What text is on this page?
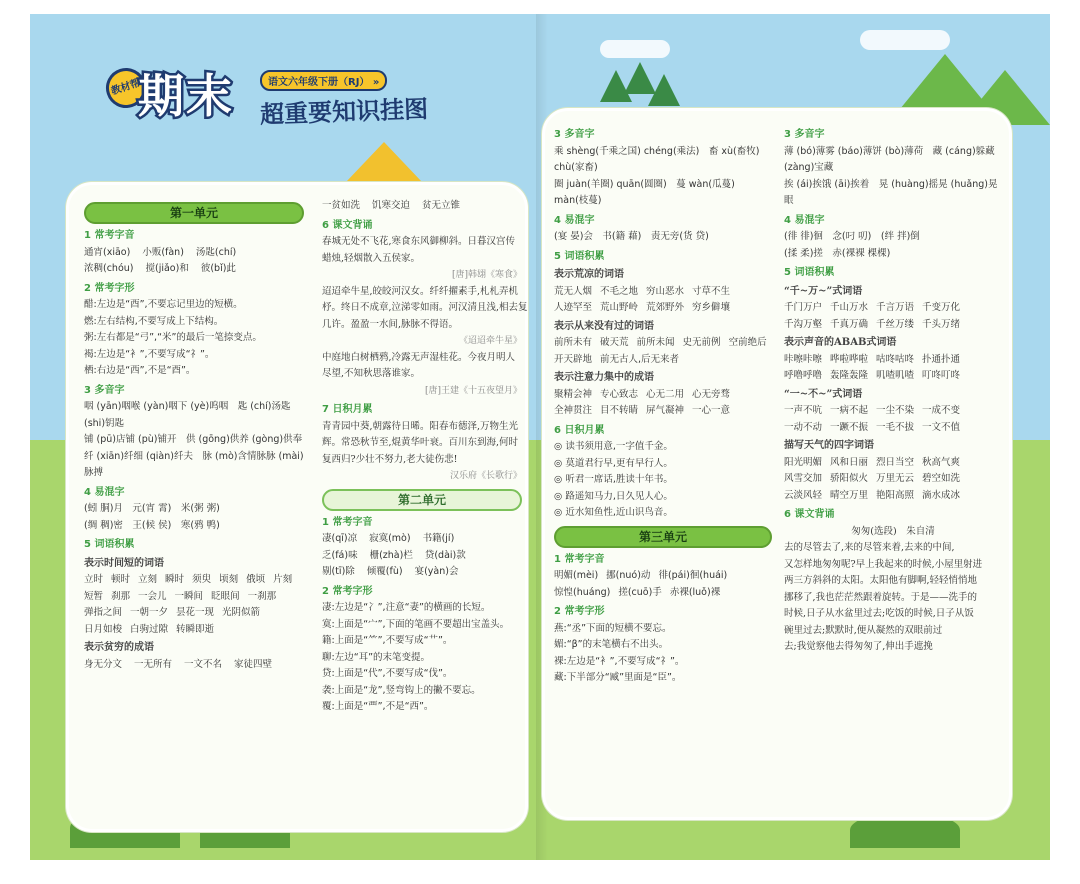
教材帮
期末	语文六年级下册（RJ） »
超重要知识挂图
第一单元
1 常考字音
通宵(xiāo) 小贩(fàn) 汤匙(chí)
浓稠(chóu) 搅(jiǎo)和 彼(bǐ)此
2 常考字形
醋:左边是“酉”,不要忘记里边的短横。
燃:左右结构,不要写成上下结构。
粥:左右都是“弓”,“米”的最后一笔捺变点。
褐:左边是“衤”,不要写成“礻”。
栖:右边是“西”,不是“酉”。
3 多音字
咽 (yān)咽喉 (yàn)咽下 (yè)呜咽　匙 (chí)汤匙 (shi)钥匙
铺 (pū)店铺 (pù)铺开　供 (gōng)供养 (gòng)供奉
纤 (xiān)纤细 (qiàn)纤夫　脉 (mò)含情脉脉 (mài)脉搏
4 易混字
(蚓 胴)月　元(宵 霄)　米(粥 粥)
(绸 稠)密　王(候 侯)　寒(鸦 鸭)
5 词语积累
表示时间短的词语
立时 顿时 立刻 瞬时 须臾 顷刻 俄顷 片刻
短暂 刹那 一会儿 一瞬间 眨眼间 一刹那
弹指之间 一朝一夕 昙花一现 光阴似箭
日月如梭 白驹过隙 转瞬即逝
表示贫穷的成语
身无分文 一无所有 一文不名 家徒四壁
一贫如洗 饥寒交迫 贫无立锥
6 课文背诵
春城无处不飞花,寒食东风御柳斜。日暮汉宫传
蜡烛,轻烟散入五侯家。
[唐]韩翃《寒食》
迢迢牵牛星,皎皎河汉女。纤纤擢素手,札札弄机
杼。终日不成章,泣涕零如雨。河汉清且浅,相去复
几许。盈盈一水间,脉脉不得语。
《迢迢牵牛星》
中庭地白树栖鸦,冷露无声湿桂花。今夜月明人
尽望,不知秋思落谁家。
[唐]王建《十五夜望月》
7 日积月累
青青园中葵,朝露待日晞。阳春布德泽,万物生光
辉。常恐秋节至,焜黄华叶衰。百川东到海,何时
复西归?少壮不努力,老大徒伤悲!
汉乐府《长歌行》
第二单元
1 常考字音
凄(qī)凉 寂寞(mò) 书籍(jí)
乏(fá)味 栅(zhà)栏 贷(dài)款
剔(tī)除 倾覆(fù) 宴(yàn)会
2 常考字形
凄:左边是“冫”,注意“妻”的横画的长短。
寞:上面是“宀”,下面的笔画不要超出宝盖头。
籍:上面是“⺮”,不要写成“艹”。
聊:左边“耳”的末笔变提。
贷:上面是“代”,不要写成“伐”。
袭:上面是“龙”,竖弯钩上的撇不要忘。
覆:上面是“覀”,不是“西”。
3 多音字
乘 shèng(千乘之国) chéng(乘法)　畜 xù(畜牧) chù(家畜)
圈 juàn(羊圈) quān(圆圈)　蔓 wàn(瓜蔓) màn(枝蔓)
4 易混字
(宴 晏)会　书(籍 藉)　责无旁(货 贷)
5 词语积累
表示荒凉的词语
荒无人烟 不毛之地 穷山恶水 寸草不生
人迹罕至 荒山野岭 荒郊野外 穷乡僻壤
表示从来没有过的词语
前所未有 破天荒 前所未闻 史无前例 空前绝后
开天辟地 前无古人,后无来者
表示注意力集中的成语
聚精会神 专心致志 心无二用 心无旁骛
全神贯注 目不转睛 屏气凝神 一心一意
6 日积月累
◎ 读书须用意,一字值千金。
◎ 莫道君行早,更有早行人。
◎ 听君一席话,胜读十年书。
◎ 路遥知马力,日久见人心。
◎ 近水知鱼性,近山识鸟音。
第三单元
1 常考字音
明媚(mèi) 挪(nuó)动 徘(pái)徊(huái)
惊惶(huáng) 搓(cuō)手 赤裸(luǒ)裸
2 常考字形
燕:“丞”下面的短横不要忘。
媚:“β”的末笔横右不出头。
裸:左边是“衤”,不要写成“礻”。
藏:下半部分“臧”里面是“臣”。
3 多音字
薄 (bó)薄雾 (báo)薄饼 (bò)薄荷　藏 (cáng)躲藏 (zàng)宝藏
挨 (ái)挨饿 (āi)挨着　晃 (huàng)摇晃 (huǎng)晃眼
4 易混字
(徘 徘)徊　念(叼 叨)　(绊 拌)倒
(揉 柔)搓　赤(裸裸 棵棵)
5 词语积累
“千~万~”式词语
千门万户 千山万水 千言万语 千变万化
千沟万壑 千真万确 千丝万缕 千头万绪
表示声音的ABAB式词语
咔嚓咔嚓 哗啦哗啦 咕咚咕咚 扑通扑通
呼噜呼噜 轰隆轰隆 叽喳叽喳 叮咚叮咚
“一~不~”式词语
一声不吭 一病不起 一尘不染 一成不变
一动不动 一蹶不振 一毛不拔 一文不值
描写天气的四字词语
阳光明媚 风和日丽 烈日当空 秋高气爽
风雪交加 骄阳似火 万里无云 碧空如洗
云淡风轻 晴空万里 艳阳高照 滴水成冰
6 课文背诵
匆匆(选段)　朱自清
去的尽管去了,来的尽管来着,去来的中间,
又怎样地匆匆呢?早上我起来的时候,小屋里射进
两三方斜斜的太阳。太阳他有脚啊,轻轻悄悄地
挪移了,我也茫茫然跟着旋转。于是——洗手的
时候,日子从水盆里过去;吃饭的时候,日子从饭
碗里过去;默默时,便从凝然的双眼前过
去;我觉察他去得匆匆了,伸出手遮挽
